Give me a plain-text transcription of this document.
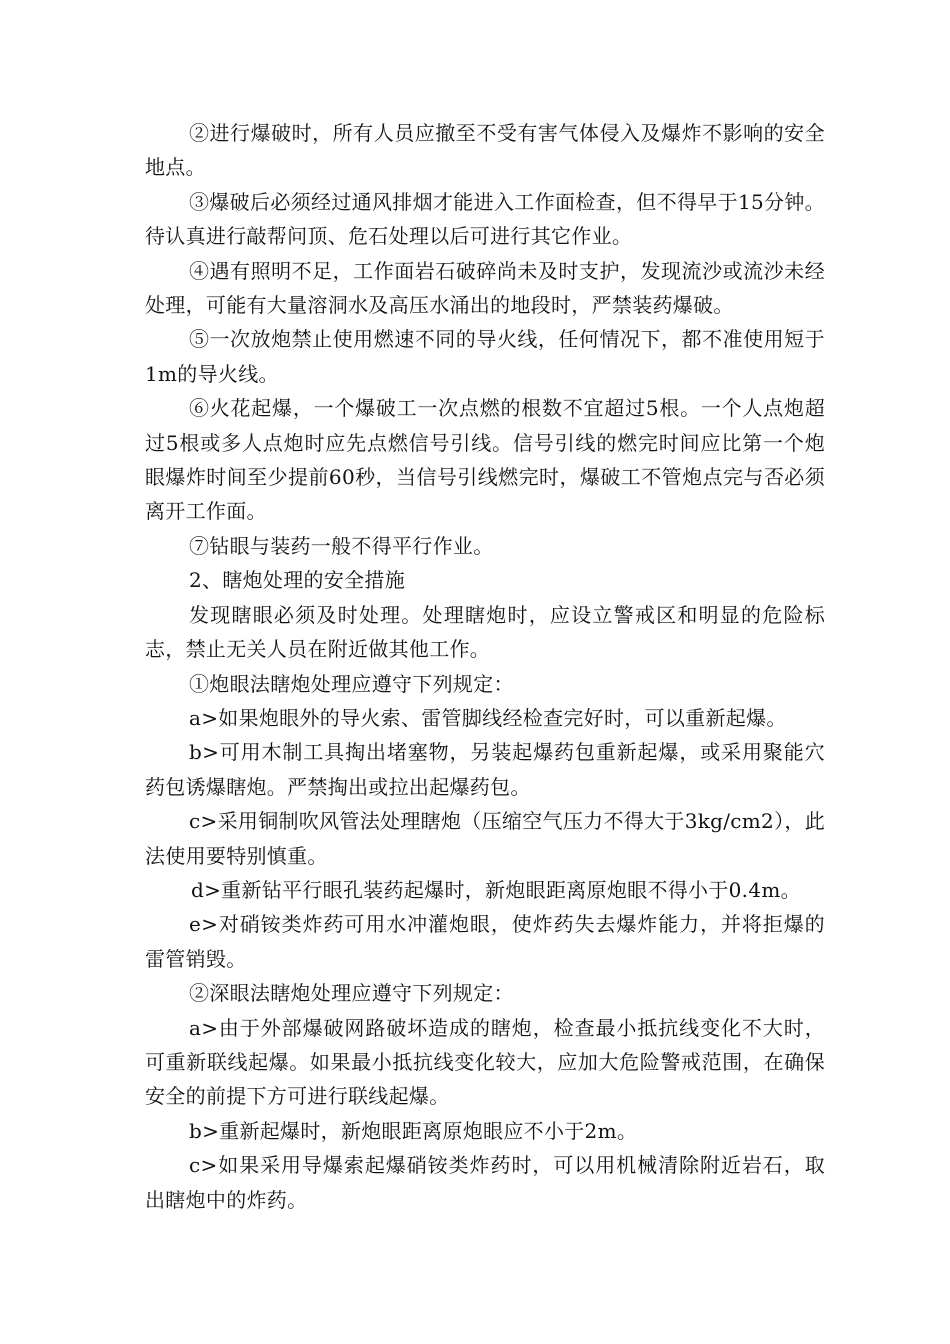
②进行爆破时，所有人员应撤至不受有害气体侵入及爆炸不影响的安全地点。

③爆破后必须经过通风排烟才能进入工作面检查，但不得早于15分钟。待认真进行敲帮问顶、危石处理以后可进行其它作业。

④遇有照明不足，工作面岩石破碎尚未及时支护，发现流沙或流沙未经处理，可能有大量溶洞水及高压水涌出的地段时，严禁装药爆破。

⑤一次放炮禁止使用燃速不同的导火线，任何情况下，都不准使用短于1m的导火线。

⑥火花起爆，一个爆破工一次点燃的根数不宜超过5根。一个人点炮超过5根或多人点炮时应先点燃信号引线。信号引线的燃完时间应比第一个炮眼爆炸时间至少提前60秒，当信号引线燃完时，爆破工不管炮点完与否必须离开工作面。

⑦钻眼与装药一般不得平行作业。

2、瞎炮处理的安全措施

发现瞎眼必须及时处理。处理瞎炮时，应设立警戒区和明显的危险标志，禁止无关人员在附近做其他工作。

①炮眼法瞎炮处理应遵守下列规定：

a>如果炮眼外的导火索、雷管脚线经检查完好时，可以重新起爆。

b>可用木制工具掏出堵塞物，另装起爆药包重新起爆，或采用聚能穴药包诱爆瞎炮。严禁掏出或拉出起爆药包。

c>采用铜制吹风管法处理瞎炮（压缩空气压力不得大于3kg/cm2），此法使用要特别慎重。

d>重新钻平行眼孔装药起爆时，新炮眼距离原炮眼不得小于0.4m。

e>对硝铵类炸药可用水冲灌炮眼，使炸药失去爆炸能力，并将拒爆的雷管销毁。

②深眼法瞎炮处理应遵守下列规定：

a>由于外部爆破网路破坏造成的瞎炮，检查最小抵抗线变化不大时，可重新联线起爆。如果最小抵抗线变化较大，应加大危险警戒范围，在确保安全的前提下方可进行联线起爆。

b>重新起爆时，新炮眼距离原炮眼应不小于2m。

c>如果采用导爆索起爆硝铵类炸药时，可以用机械清除附近岩石，取出瞎炮中的炸药。
